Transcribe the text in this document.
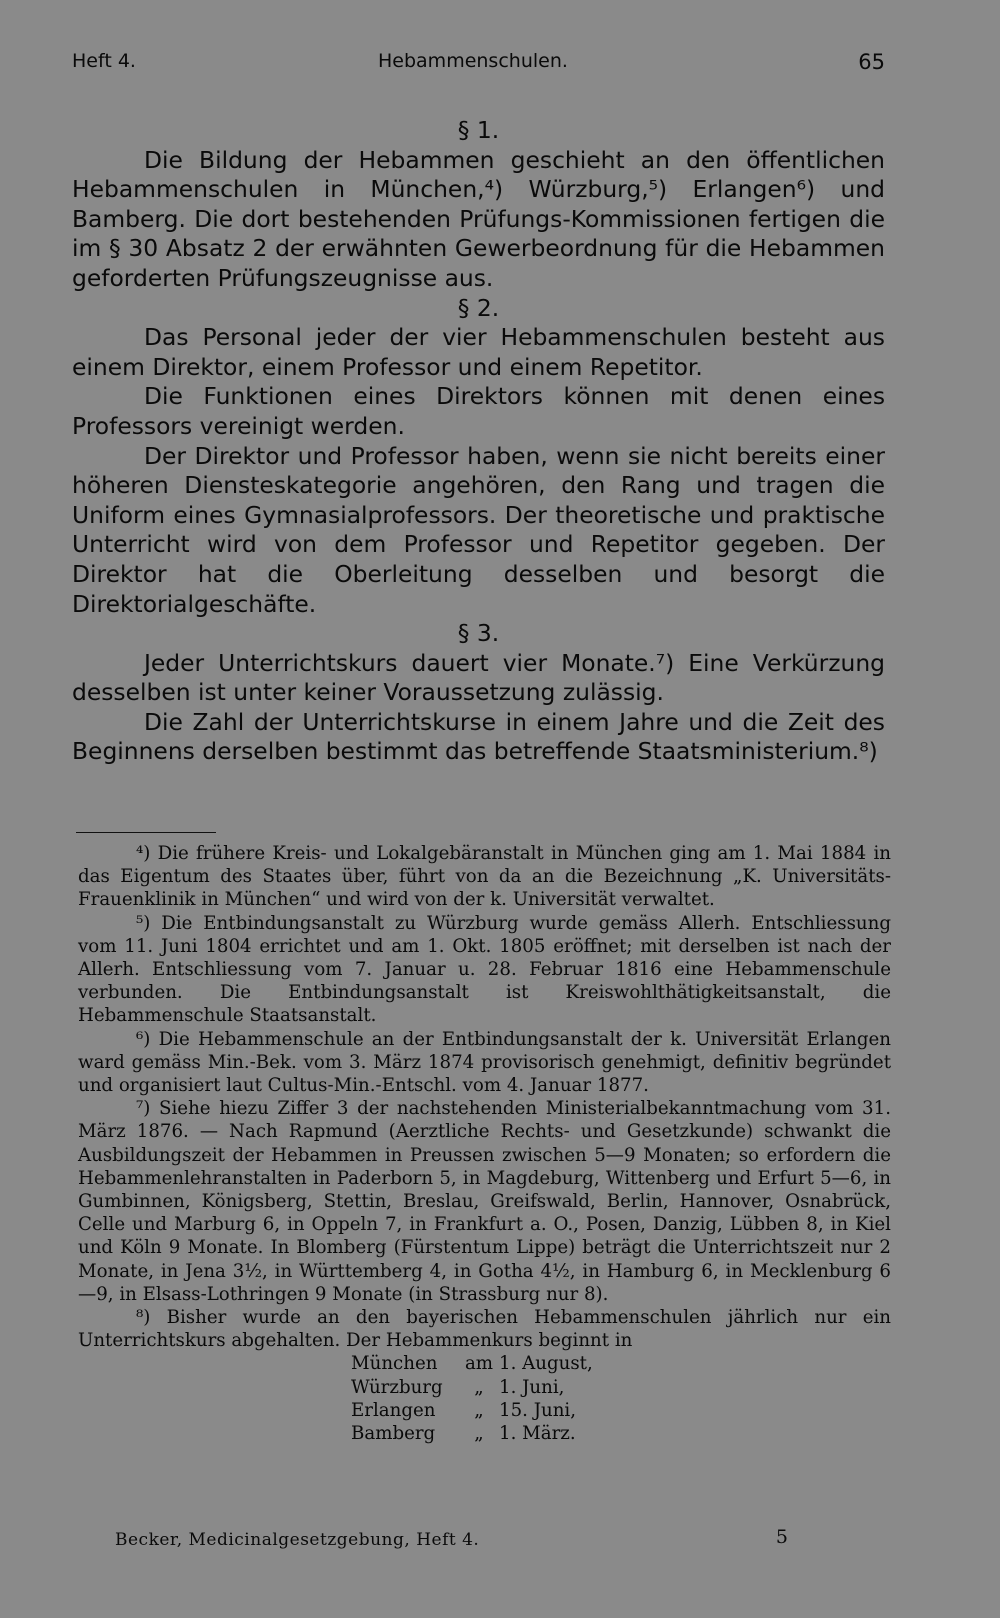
Heft 4.	Hebammenschulen.	65
§ 1.

Die Bildung der Hebammen geschieht an den öffentlichen Hebammenschulen in München,⁴) Würzburg,⁵) Erlangen⁶) und Bamberg. Die dort bestehenden Prüfungs-Kommissionen fertigen die im § 30 Absatz 2 der erwähnten Gewerbeordnung für die Hebammen geforderten Prüfungszeugnisse aus.

§ 2.

Das Personal jeder der vier Hebammenschulen besteht aus einem Direktor, einem Professor und einem Repetitor.

Die Funktionen eines Direktors können mit denen eines Professors vereinigt werden.

Der Direktor und Professor haben, wenn sie nicht bereits einer höheren Diensteskategorie angehören, den Rang und tragen die Uniform eines Gymnasialprofessors. Der theoretische und praktische Unterricht wird von dem Professor und Repetitor gegeben. Der Direktor hat die Oberleitung desselben und besorgt die Direktorialgeschäfte.

§ 3.

Jeder Unterrichtskurs dauert vier Monate.⁷) Eine Verkürzung desselben ist unter keiner Voraussetzung zulässig.

Die Zahl der Unterrichtskurse in einem Jahre und die Zeit des Beginnens derselben bestimmt das betreffende Staatsministerium.⁸)

⁴) Die frühere Kreis- und Lokalgebäranstalt in München ging am 1. Mai 1884 in das Eigentum des Staates über, führt von da an die Bezeichnung „K. Universitäts-Frauenklinik in München“ und wird von der k. Universität verwaltet.

⁵) Die Entbindungsanstalt zu Würzburg wurde gemäss Allerh. Entschliessung vom 11. Juni 1804 errichtet und am 1. Okt. 1805 eröffnet; mit derselben ist nach der Allerh. Entschliessung vom 7. Januar u. 28. Februar 1816 eine Hebammenschule verbunden. Die Entbindungsanstalt ist Kreiswohlthätigkeitsanstalt, die Hebammenschule Staatsanstalt.

⁶) Die Hebammenschule an der Entbindungsanstalt der k. Universität Erlangen ward gemäss Min.-Bek. vom 3. März 1874 provisorisch genehmigt, definitiv begründet und organisiert laut Cultus-Min.-Entschl. vom 4. Januar 1877.

⁷) Siehe hiezu Ziffer 3 der nachstehenden Ministerialbekanntmachung vom 31. März 1876. — Nach Rapmund (Aerztliche Rechts- und Gesetzkunde) schwankt die Ausbildungszeit der Hebammen in Preussen zwischen 5—9 Monaten; so erfordern die Hebammenlehranstalten in Paderborn 5, in Magdeburg, Wittenberg und Erfurt 5—6, in Gumbinnen, Königsberg, Stettin, Breslau, Greifswald, Berlin, Hannover, Osnabrück, Celle und Marburg 6, in Oppeln 7, in Frankfurt a. O., Posen, Danzig, Lübben 8, in Kiel und Köln 9 Monate. In Blomberg (Fürstentum Lippe) beträgt die Unterrichtszeit nur 2 Monate, in Jena 3½, in Württemberg 4, in Gotha 4½, in Hamburg 6, in Mecklenburg 6—9, in Elsass-Lothringen 9 Monate (in Strassburg nur 8).

⁸) Bisher wurde an den bayerischen Hebammenschulen jährlich nur ein Unterrichtskurs abgehalten. Der Hebammenkurs beginnt in

München	am	1. August,
Würzburg	„	1. Juni,
Erlangen	„	15. Juni,
Bamberg	„	1. März.
Becker, Medicinalgesetzgebung, Heft 4.	5
